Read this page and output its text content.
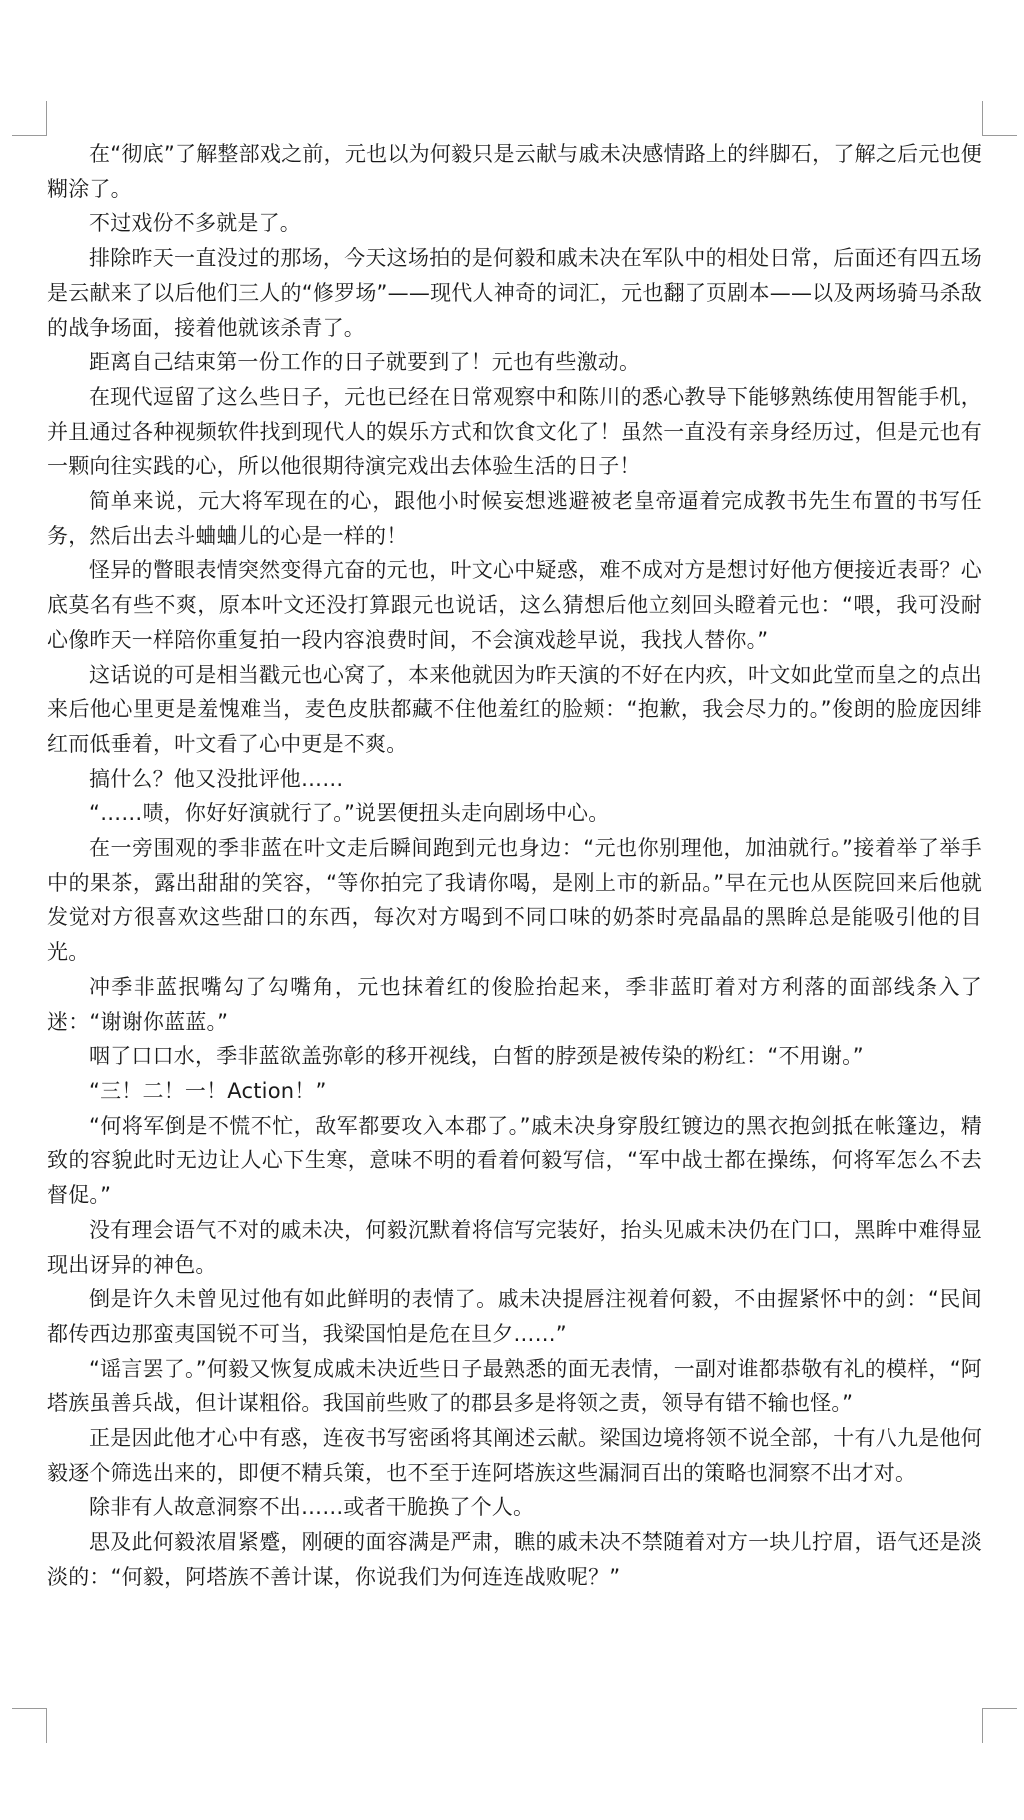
在“彻底”了解整部戏之前，元也以为何毅只是云献与戚未决感情路上的绊脚石，了解之后元也便糊涂了。

不过戏份不多就是了。

排除昨天一直没过的那场，今天这场拍的是何毅和戚未决在军队中的相处日常，后面还有四五场是云献来了以后他们三人的“修罗场”——现代人神奇的词汇，元也翻了页剧本——以及两场骑马杀敌的战争场面，接着他就该杀青了。

距离自己结束第一份工作的日子就要到了！元也有些激动。

在现代逗留了这么些日子，元也已经在日常观察中和陈川的悉心教导下能够熟练使用智能手机，并且通过各种视频软件找到现代人的娱乐方式和饮食文化了！虽然一直没有亲身经历过，但是元也有一颗向往实践的心，所以他很期待演完戏出去体验生活的日子！

简单来说，元大将军现在的心，跟他小时候妄想逃避被老皇帝逼着完成教书先生布置的书写任务，然后出去斗蛐蛐儿的心是一样的！

怪异的瞥眼表情突然变得亢奋的元也，叶文心中疑惑，难不成对方是想讨好他方便接近表哥？心底莫名有些不爽，原本叶文还没打算跟元也说话，这么猜想后他立刻回头瞪着元也：“喂，我可没耐心像昨天一样陪你重复拍一段内容浪费时间，不会演戏趁早说，我找人替你。”

这话说的可是相当戳元也心窝了，本来他就因为昨天演的不好在内疚，叶文如此堂而皇之的点出来后他心里更是羞愧难当，麦色皮肤都藏不住他羞红的脸颊：“抱歉，我会尽力的。”俊朗的脸庞因绯红而低垂着，叶文看了心中更是不爽。

搞什么？他又没批评他……

“……啧，你好好演就行了。”说罢便扭头走向剧场中心。

在一旁围观的季非蓝在叶文走后瞬间跑到元也身边：“元也你别理他，加油就行。”接着举了举手中的果茶，露出甜甜的笑容，“等你拍完了我请你喝，是刚上市的新品。”早在元也从医院回来后他就发觉对方很喜欢这些甜口的东西，每次对方喝到不同口味的奶茶时亮晶晶的黑眸总是能吸引他的目光。

冲季非蓝抿嘴勾了勾嘴角，元也抹着红的俊脸抬起来，季非蓝盯着对方利落的面部线条入了迷：“谢谢你蓝蓝。”

咽了口口水，季非蓝欲盖弥彰的移开视线，白皙的脖颈是被传染的粉红：“不用谢。”

“三！二！一！Action！”

“何将军倒是不慌不忙，敌军都要攻入本郡了。”戚未决身穿殷红镀边的黑衣抱剑抵在帐篷边，精致的容貌此时无边让人心下生寒，意味不明的看着何毅写信，“军中战士都在操练，何将军怎么不去督促。”

没有理会语气不对的戚未决，何毅沉默着将信写完装好，抬头见戚未决仍在门口，黑眸中难得显现出讶异的神色。

倒是许久未曾见过他有如此鲜明的表情了。戚未决提唇注视着何毅，不由握紧怀中的剑：“民间都传西边那蛮夷国锐不可当，我梁国怕是危在旦夕……”

“谣言罢了。”何毅又恢复成戚未决近些日子最熟悉的面无表情，一副对谁都恭敬有礼的模样，“阿塔族虽善兵战，但计谋粗俗。我国前些败了的郡县多是将领之责，领导有错不输也怪。”

正是因此他才心中有惑，连夜书写密函将其阐述云献。梁国边境将领不说全部，十有八九是他何毅逐个筛选出来的，即便不精兵策，也不至于连阿塔族这些漏洞百出的策略也洞察不出才对。

除非有人故意洞察不出……或者干脆换了个人。

思及此何毅浓眉紧蹙，刚硬的面容满是严肃，瞧的戚未决不禁随着对方一块儿拧眉，语气还是淡淡的：“何毅，阿塔族不善计谋，你说我们为何连连战败呢？”
